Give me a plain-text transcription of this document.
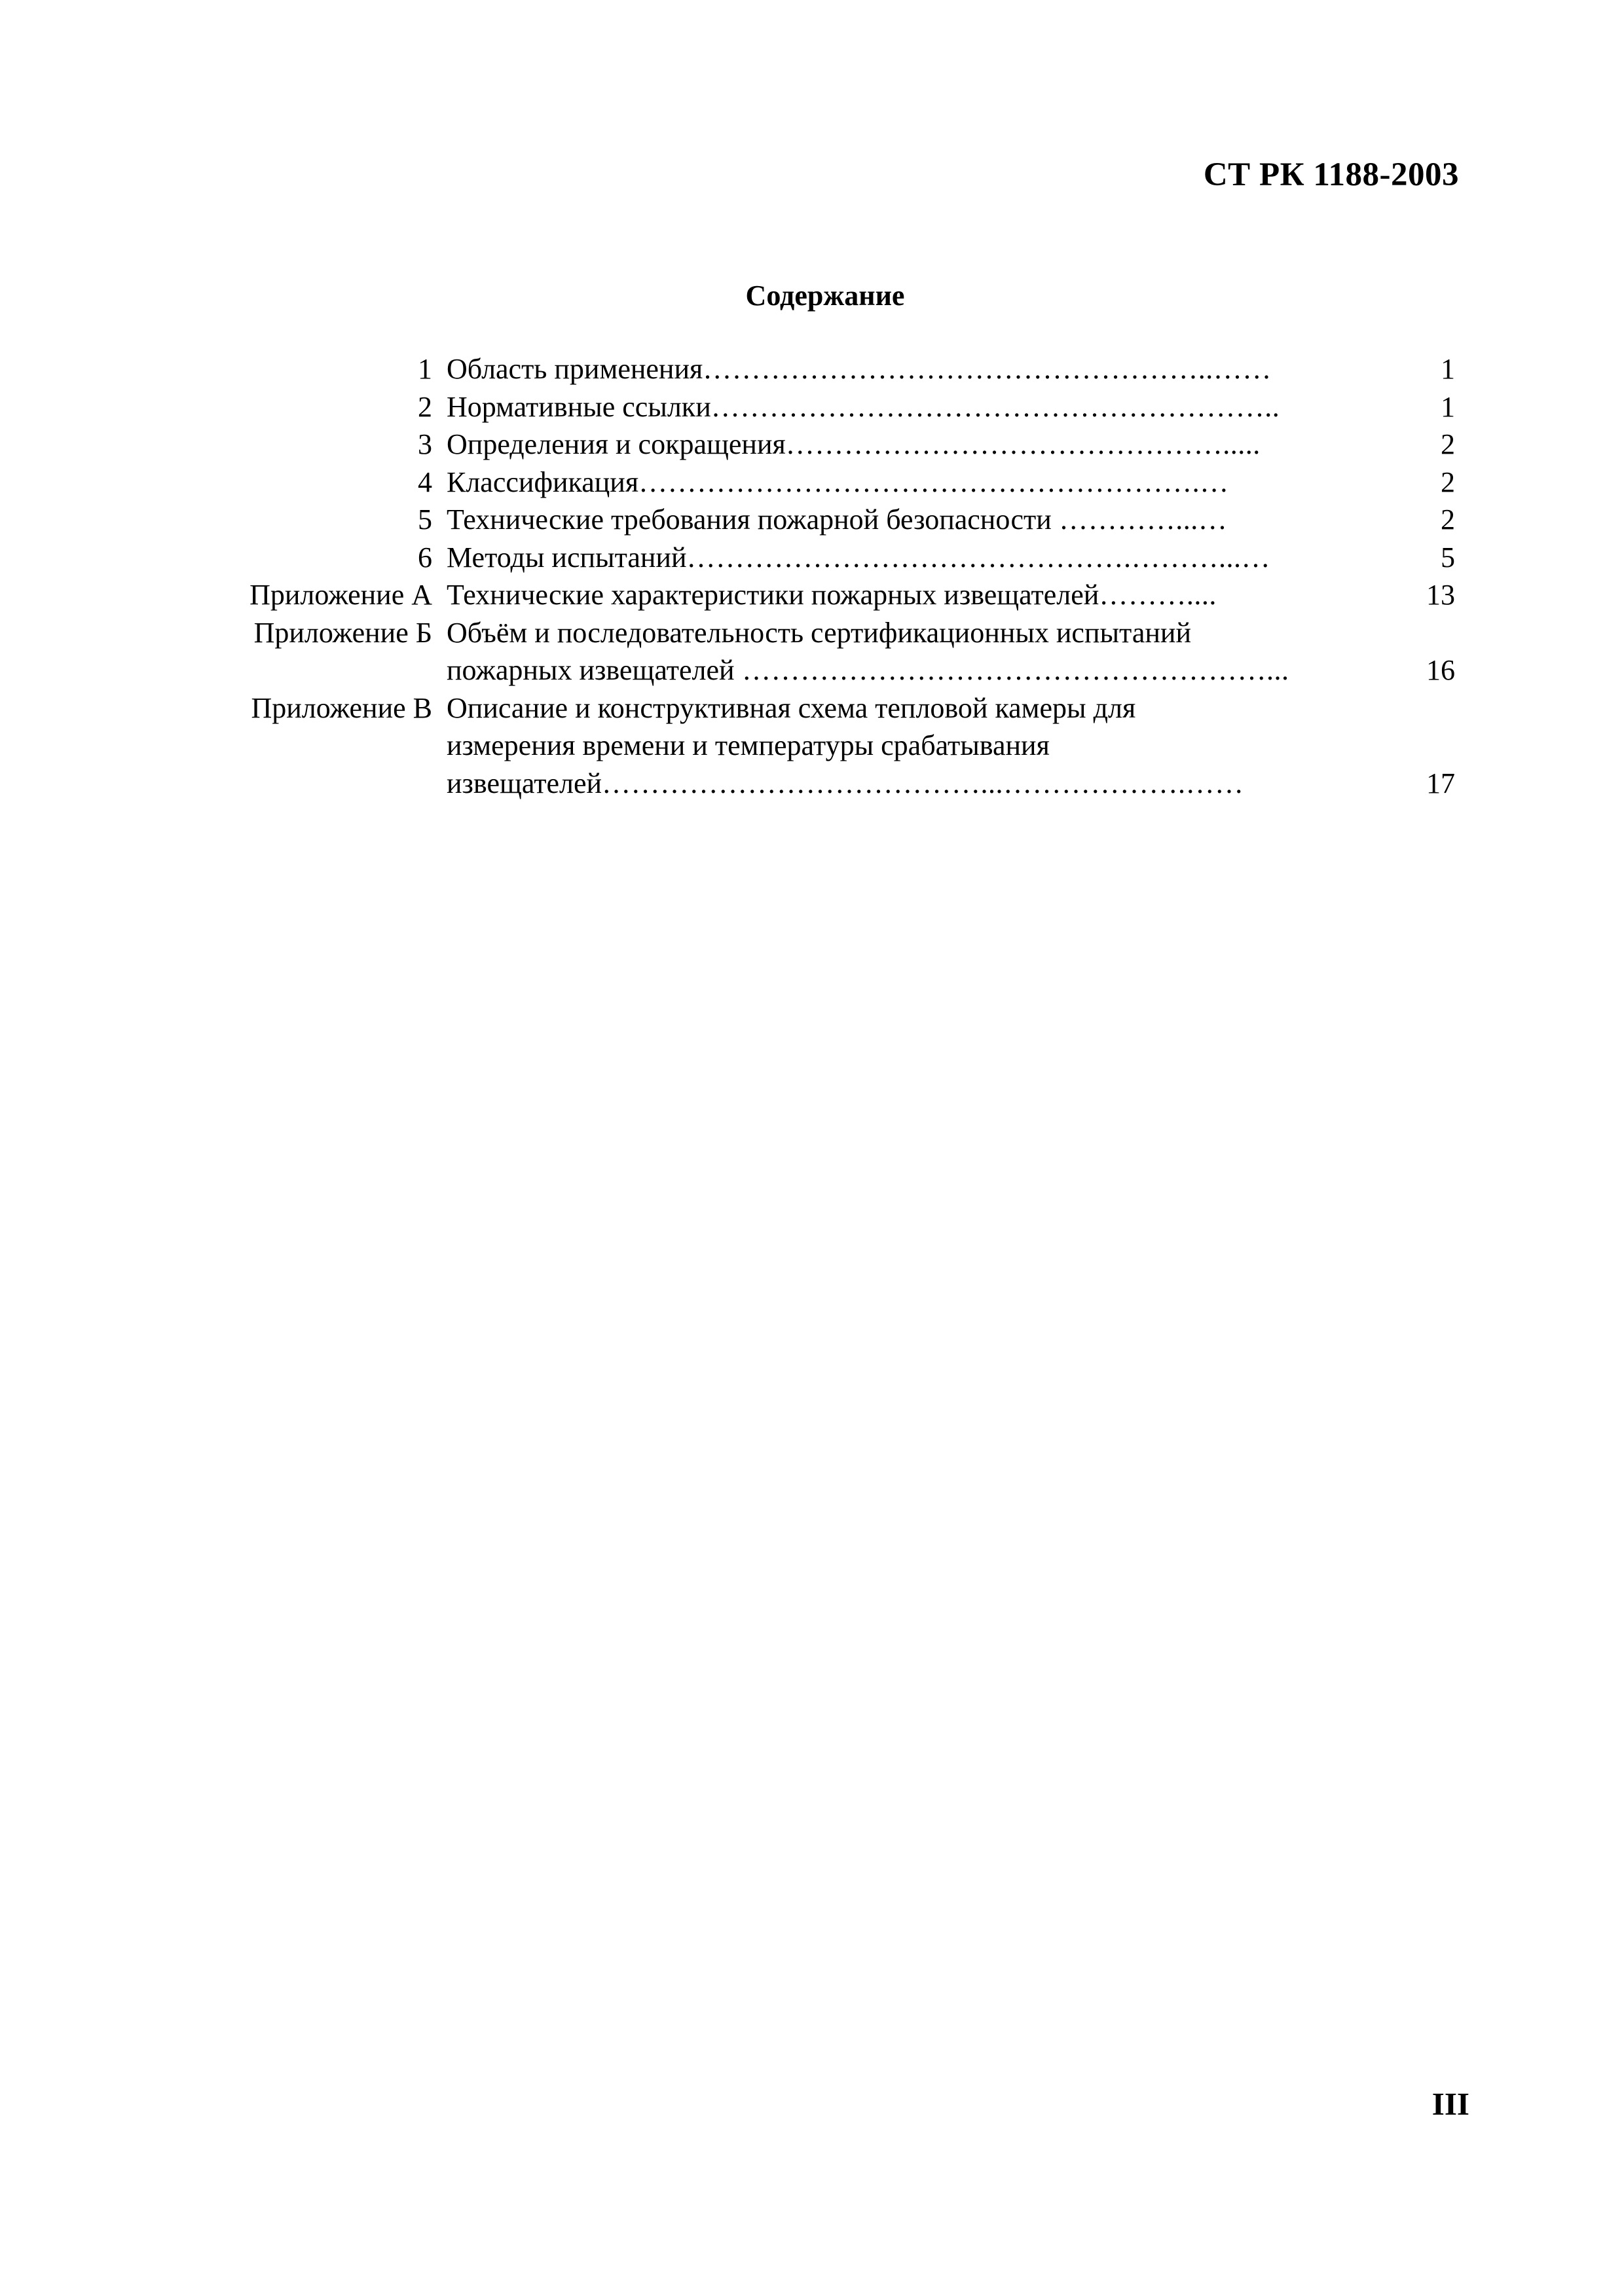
СТ РК 1188-2003
Содержание
1 Область применения……………………………………………..……	1
2 Нормативные ссылки…………………………………………………..	1
3 Определения и сокращения……………………………………….....	2
4 Классификация………………………………………………….…	2
5 Технические требования пожарной безопасности …………...…	2
6 Методы испытаний……………………………………….………...…	5
Приложение А Технические характеристики пожарных извещателей………....	13
Приложение Б Объём и последовательность сертификационных испытаний
пожарных извещателей ………………………………………………...	16
Приложение В Описание и конструктивная схема тепловой камеры для
измерения времени и температуры срабатывания
извещателей…………………………………...……………….……	17
III
